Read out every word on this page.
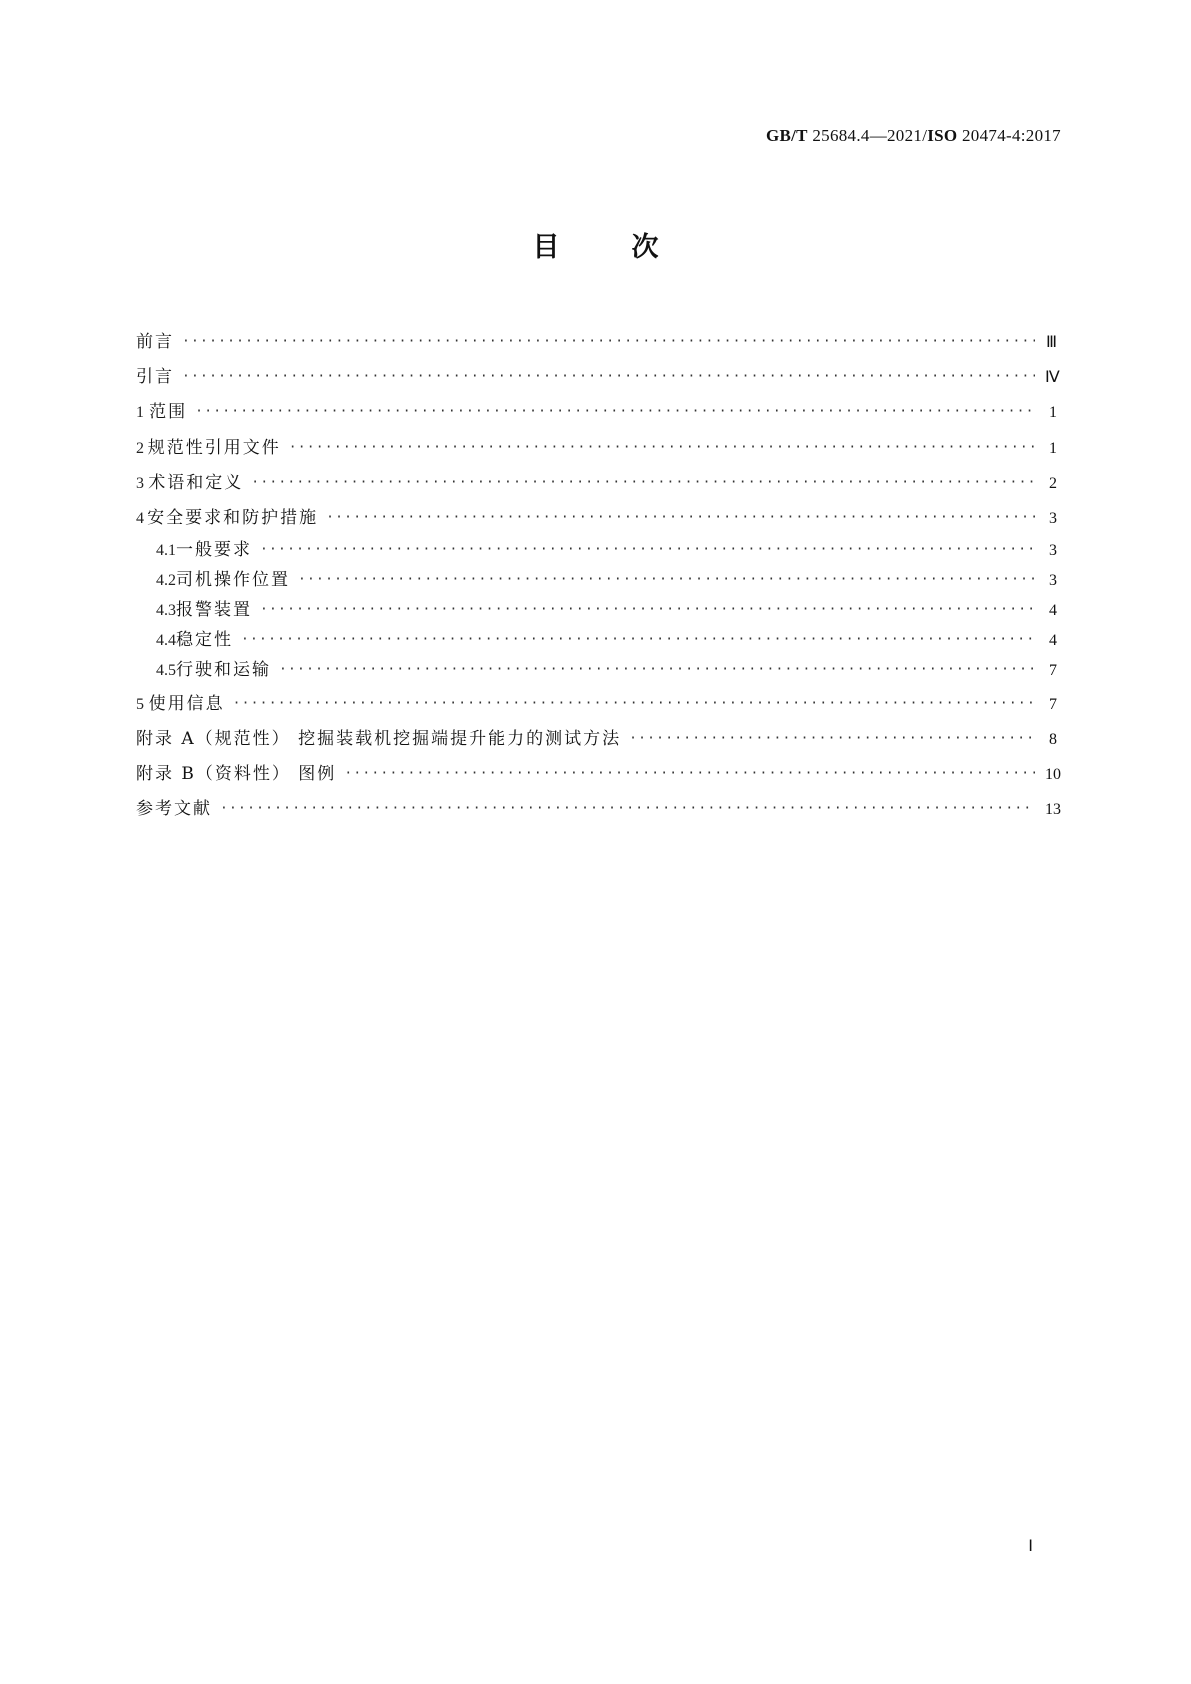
GB/T 25684.4—2021/ISO 20474-4:2017
目	次
前言 ·····	Ⅲ
引言 ·····	Ⅳ
1 范围 ·····	1
2 规范性引用文件 ·····	1
3 术语和定义 ·····	2
4 安全要求和防护措施 ·····	3
4.1 一般要求 ·····	3
4.2 司机操作位置 ·····	3
4.3 报警装置 ·····	4
4.4 稳定性 ·····	4
4.5 行驶和运输 ·····	7
5 使用信息 ·····	7
附录 A（规范性） 挖掘装载机挖掘端提升能力的测试方法 ·····	8
附录 B（资料性） 图例 ·····	10
参考文献 ·····	13
Ⅰ
